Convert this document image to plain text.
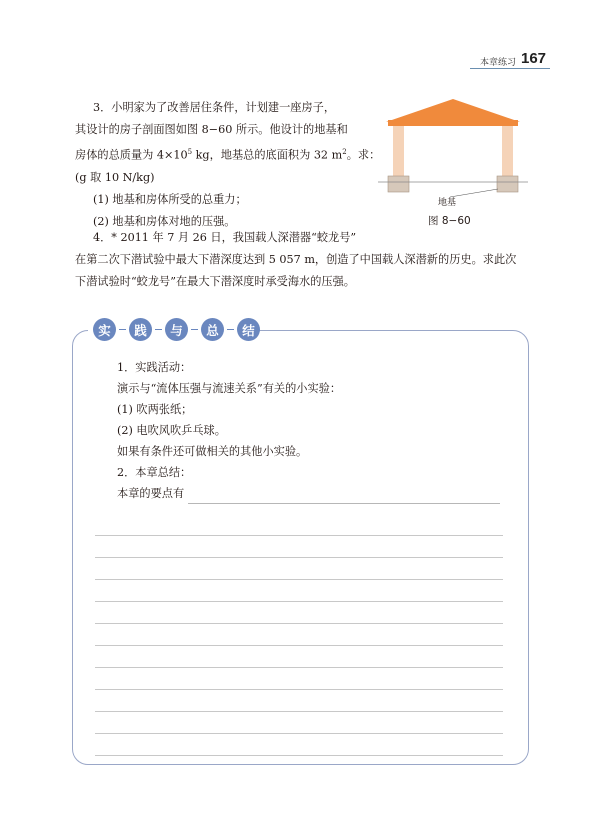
本章练习 167
3．小明家为了改善居住条件，计划建一座房子，
其设计的房子剖面图如图 8−60 所示。他设计的地基和
房体的总质量为 $4\times 10^5$ kg，地基总的底面积为 32 $m^2$。求：
(g 取 10 N/kg)
(1) 地基和房体所受的总重力；
(2) 地基和房体对地的压强。
地基
图 8−60
4．* 2011 年 7 月 26 日，我国载人深潜器“蛟龙号”
在第二次下潜试验中最大下潜深度达到 5 057 m，创造了中国载人深潜新的历史。求此次
下潜试验时“蛟龙号”在最大下潜深度时承受海水的压强。
实	践	与	总	结
1．实践活动：
演示与“流体压强与流速关系”有关的小实验：
(1) 吹两张纸；
(2) 电吹风吹乒乓球。
如果有条件还可做相关的其他小实验。
2．本章总结：
本章的要点有
